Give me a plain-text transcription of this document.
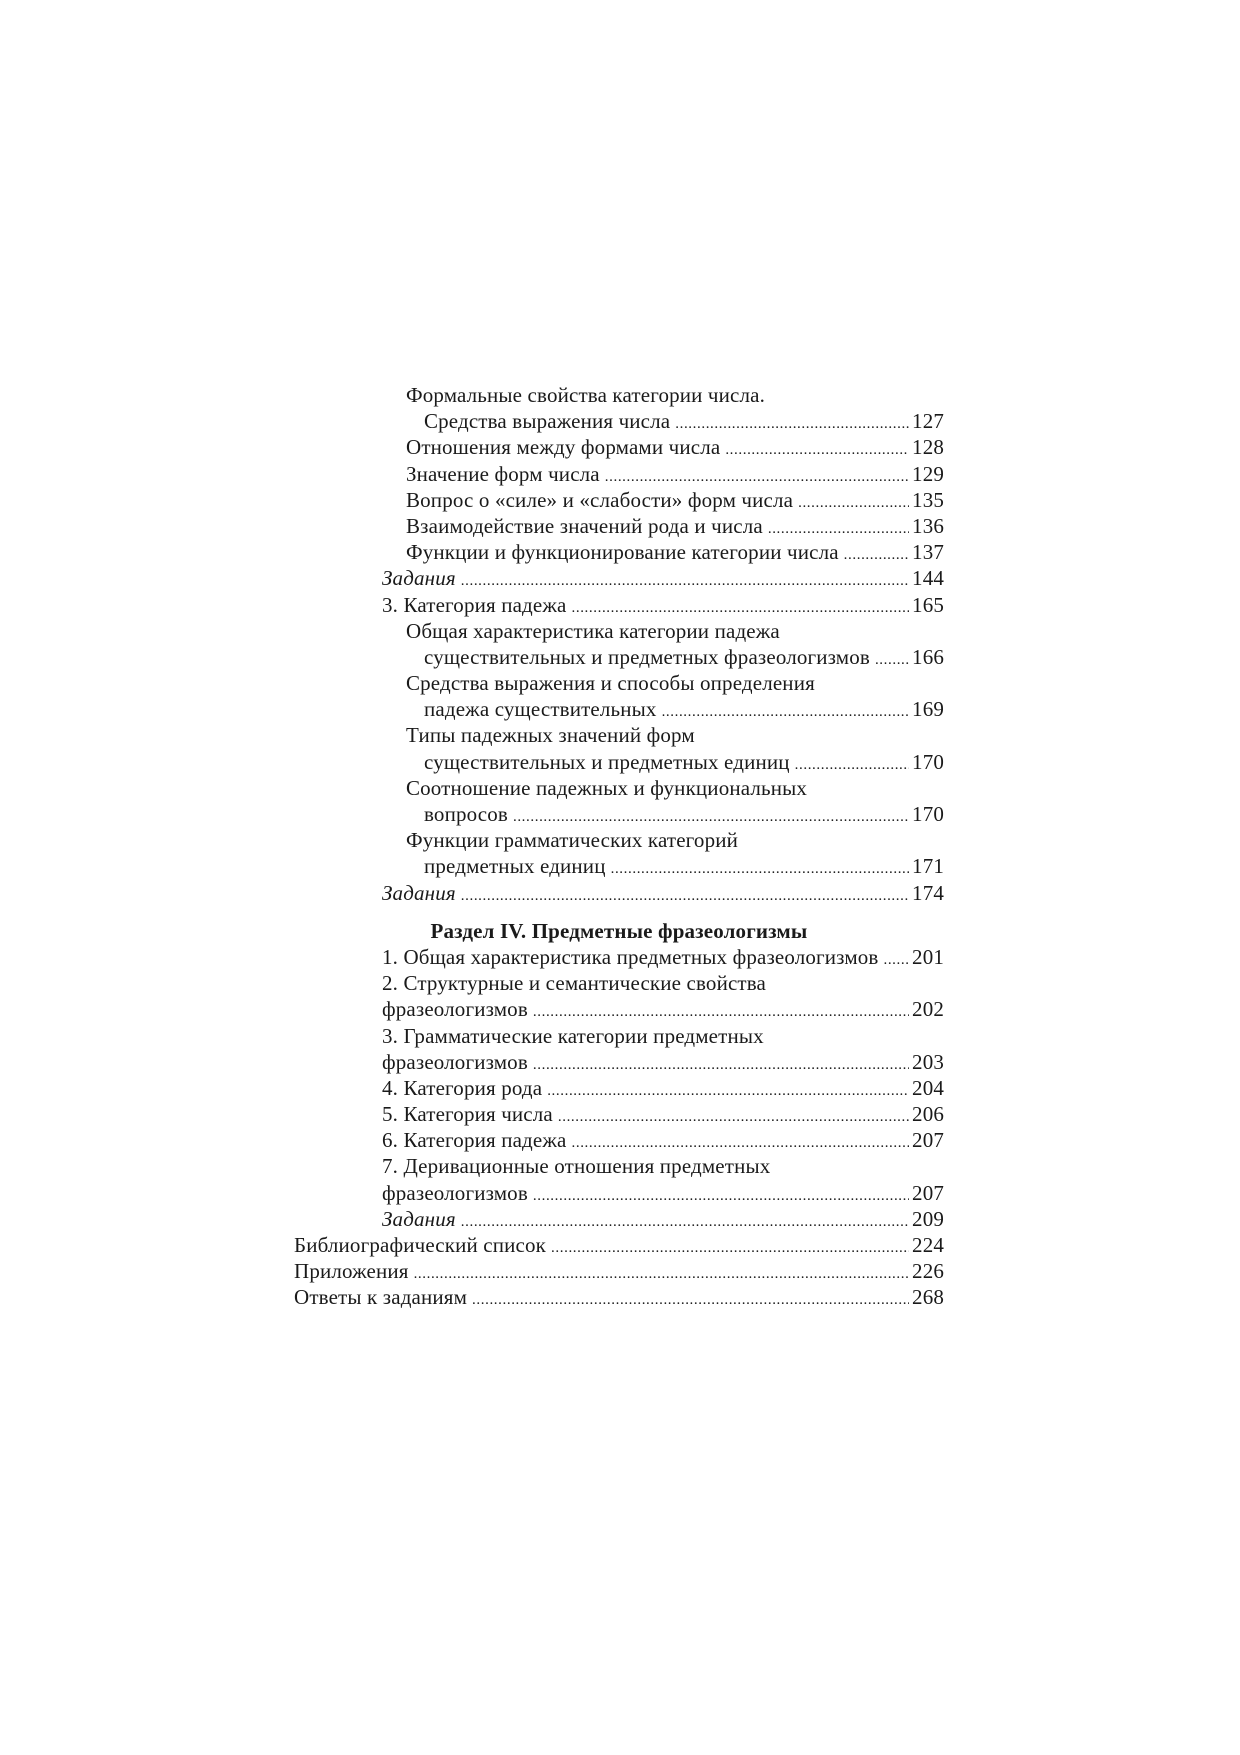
Формальные свойства категории числа.
Средства выражения числа .....	127
Отношения между формами числа .....	128
Значение форм числа .....	129
Вопрос о «силе» и «слабости» форм числа .....	135
Взаимодействие значений рода и числа .....	136
Функции и функционирование категории числа .....	137
Задания .....	144
3. Категория падежа .....	165
Общая характеристика категории падежа
существительных и предметных фразеологизмов ..... 166
Средства выражения и способы определения
падежа существительных .....	169
Типы падежных значений форм
существительных и предметных единиц .....	170
Соотношение падежных и функциональных
вопросов .....	170
Функции грамматических категорий
предметных единиц .....	171
Задания .....	174
Раздел IV. Предметные фразеологизмы
1. Общая характеристика предметных фразеологизмов ..... 201
2. Структурные и семантические свойства
фразеологизмов .....	202
3. Грамматические категории предметных
фразеологизмов .....	203
4. Категория рода .....	204
5. Категория числа .....	206
6. Категория падежа .....	207
7. Деривационные отношения предметных
фразеологизмов .....	207
Задания .....	209
Библиографический список .....	224
Приложения .....	226
Ответы к заданиям .....	268
